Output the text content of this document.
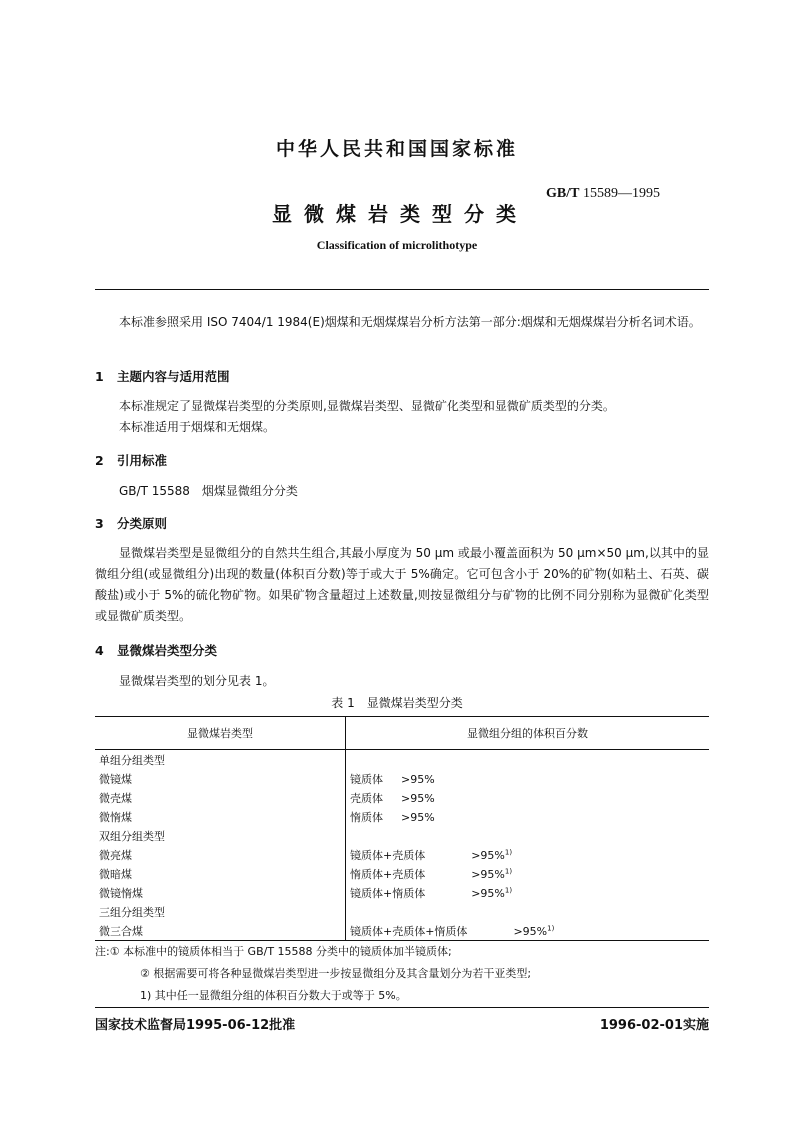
中华人民共和国国家标准
GB/T 15589—1995
显微煤岩类型分类
Classification of microlithotype
本标准参照采用 ISO 7404/1 1984(E)烟煤和无烟煤煤岩分析方法第一部分:烟煤和无烟煤煤岩分析名词术语。
1 主题内容与适用范围
本标准规定了显微煤岩类型的分类原则,显微煤岩类型、显微矿化类型和显微矿质类型的分类。
本标准适用于烟煤和无烟煤。
2 引用标准
GB/T 15588　烟煤显微组分分类
3 分类原则
显微煤岩类型是显微组分的自然共生组合,其最小厚度为 50 μm 或最小覆盖面积为 50 μm×50 μm,以其中的显微组分组(或显微组分)出现的数量(体积百分数)等于或大于 5%确定。它可包含小于 20%的矿物(如粘土、石英、碳酸盐)或小于 5%的硫化物矿物。如果矿物含量超过上述数量,则按显微组分与矿物的比例不同分别称为显微矿化类型或显微矿质类型。
4 显微煤岩类型分类
显微煤岩类型的划分见表 1。
表 1　显微煤岩类型分类
显微煤岩类型	显微组分组的体积百分数
单组分组类型	
微镜煤	镜质体 >95%
微壳煤	壳质体 >95%
微惰煤	惰质体 >95%
双组分组类型	
微亮煤	镜质体+壳质体 >95%$^{1)}$
微暗煤	惰质体+壳质体 >95%$^{1)}$
微镜惰煤	镜质体+惰质体 >95%$^{1)}$
三组分组类型	
微三合煤	镜质体+壳质体+惰质体 >95%$^{1)}$
注:① 本标准中的镜质体相当于 GB/T 15588 分类中的镜质体加半镜质体;
② 根据需要可将各种显微煤岩类型进一步按显微组分及其含量划分为若干亚类型;
1) 其中任一显微组分组的体积百分数大于或等于 5%。
国家技术监督局1995-06-12批准	1996-02-01实施
